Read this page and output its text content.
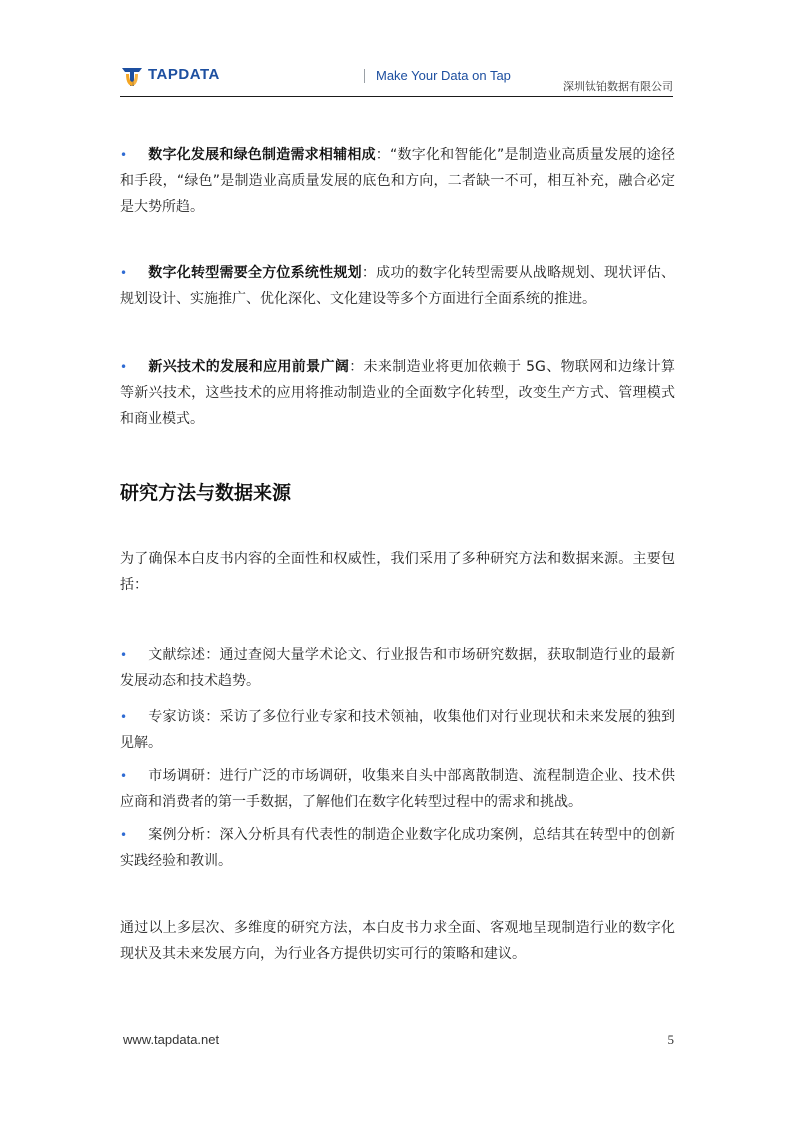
TAPDATA	Make Your Data on Tap
深圳钛铂数据有限公司
• 数字化发展和绿色制造需求相辅相成：“数字化和智能化”是制造业高质量发展的途径和手段，“绿色”是制造业高质量发展的底色和方向，二者缺一不可，相互补充，融合必定是大势所趋。
• 数字化转型需要全方位系统性规划：成功的数字化转型需要从战略规划、现状评估、规划设计、实施推广、优化深化、文化建设等多个方面进行全面系统的推进。
• 新兴技术的发展和应用前景广阔：未来制造业将更加依赖于 5G、物联网和边缘计算等新兴技术，这些技术的应用将推动制造业的全面数字化转型，改变生产方式、管理模式和商业模式。
研究方法与数据来源

为了确保本白皮书内容的全面性和权威性，我们采用了多种研究方法和数据来源。主要包括：

• 文献综述：通过查阅大量学术论文、行业报告和市场研究数据，获取制造行业的最新发展动态和技术趋势。
• 专家访谈：采访了多位行业专家和技术领袖，收集他们对行业现状和未来发展的独到见解。
• 市场调研：进行广泛的市场调研，收集来自头中部离散制造、流程制造企业、技术供应商和消费者的第一手数据，了解他们在数字化转型过程中的需求和挑战。
• 案例分析：深入分析具有代表性的制造企业数字化成功案例，总结其在转型中的创新实践经验和教训。

通过以上多层次、多维度的研究方法，本白皮书力求全面、客观地呈现制造行业的数字化现状及其未来发展方向，为行业各方提供切实可行的策略和建议。

www.tapdata.net	5
